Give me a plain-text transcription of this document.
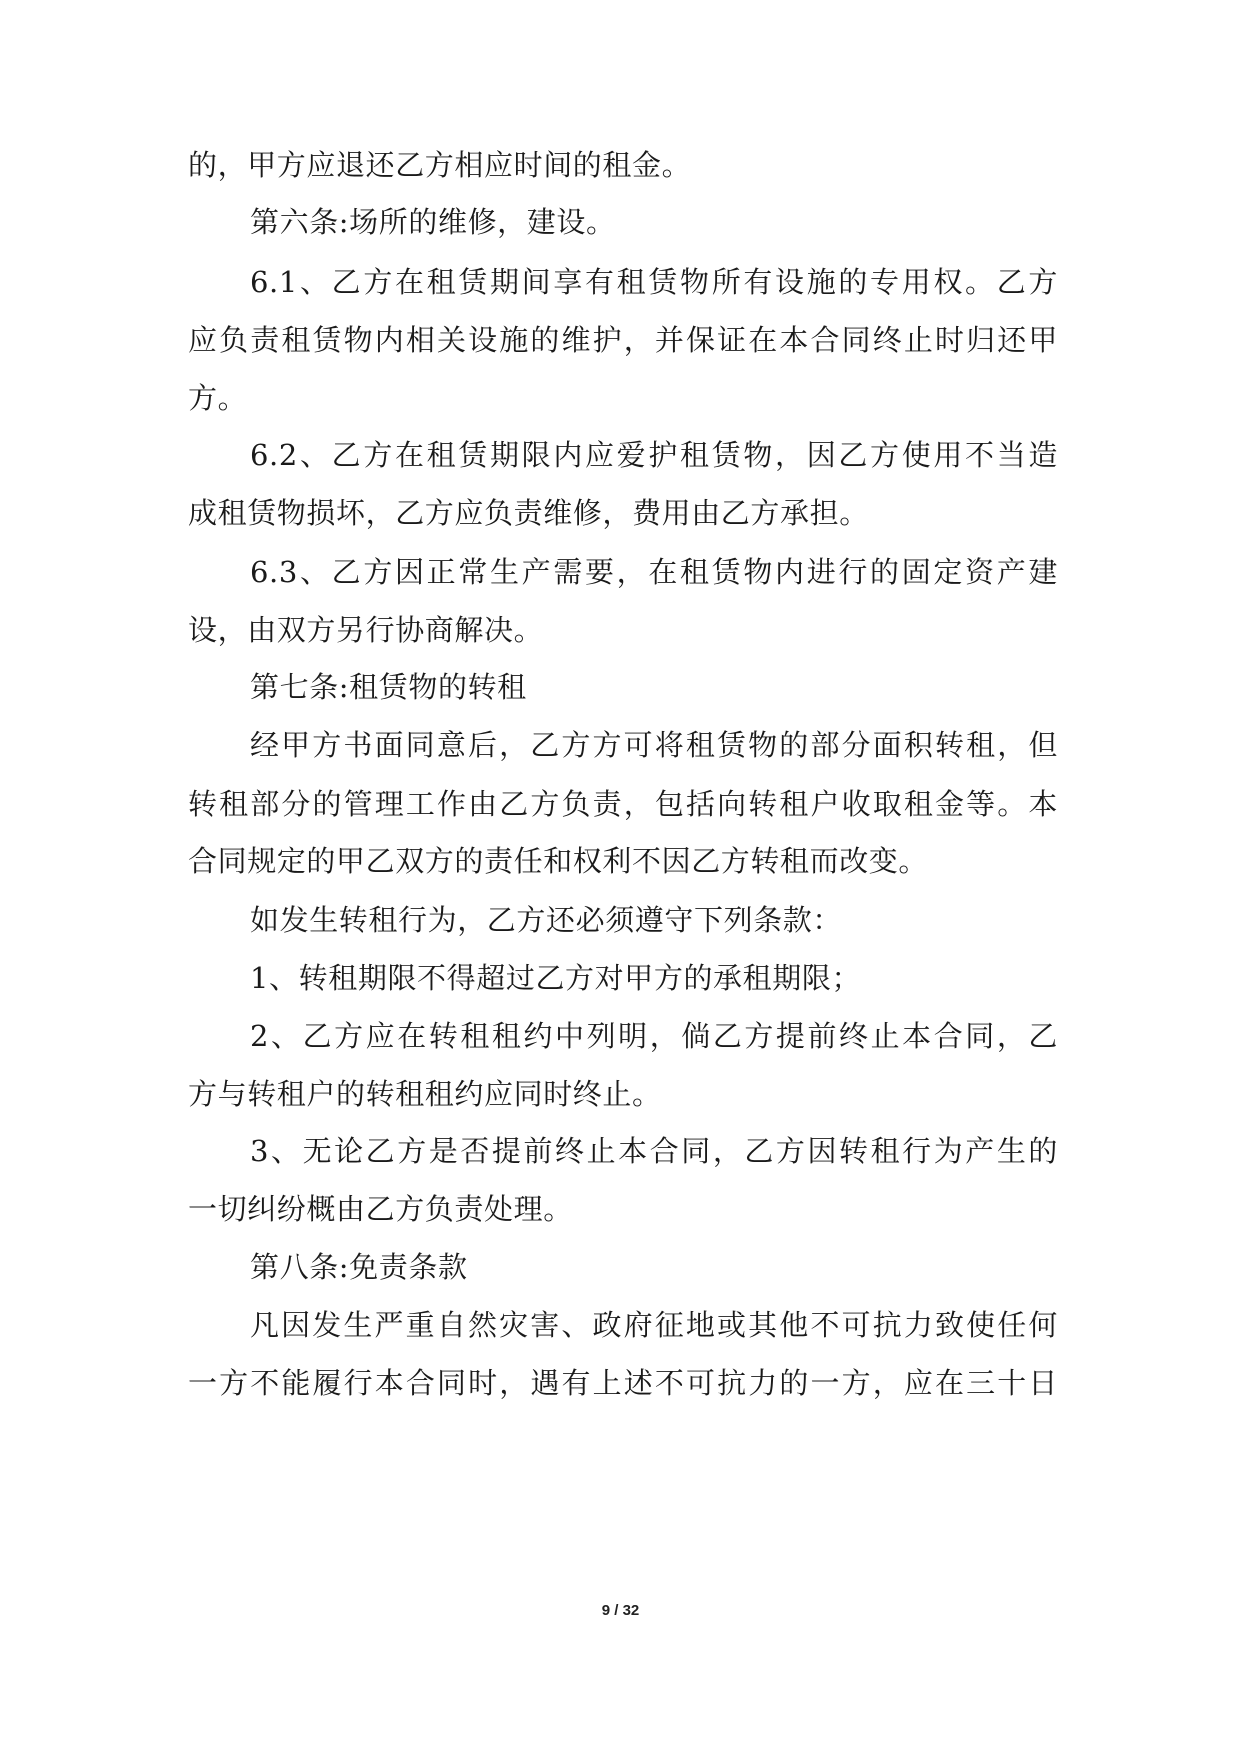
的，甲方应退还乙方相应时间的租金。
第六条:场所的维修，建设。
6.1、乙方在租赁期间享有租赁物所有设施的专用权。乙方
应负责租赁物内相关设施的维护，并保证在本合同终止时归还甲
方。
6.2、乙方在租赁期限内应爱护租赁物，因乙方使用不当造
成租赁物损坏，乙方应负责维修，费用由乙方承担。
6.3、乙方因正常生产需要，在租赁物内进行的固定资产建
设，由双方另行协商解决。
第七条:租赁物的转租
经甲方书面同意后，乙方方可将租赁物的部分面积转租，但
转租部分的管理工作由乙方负责，包括向转租户收取租金等。本
合同规定的甲乙双方的责任和权利不因乙方转租而改变。
如发生转租行为，乙方还必须遵守下列条款：
1、转租期限不得超过乙方对甲方的承租期限；
2、乙方应在转租租约中列明，倘乙方提前终止本合同，乙
方与转租户的转租租约应同时终止。
3、无论乙方是否提前终止本合同，乙方因转租行为产生的
一切纠纷概由乙方负责处理。
第八条:免责条款
凡因发生严重自然灾害、政府征地或其他不可抗力致使任何
一方不能履行本合同时，遇有上述不可抗力的一方，应在三十日
9 / 32
